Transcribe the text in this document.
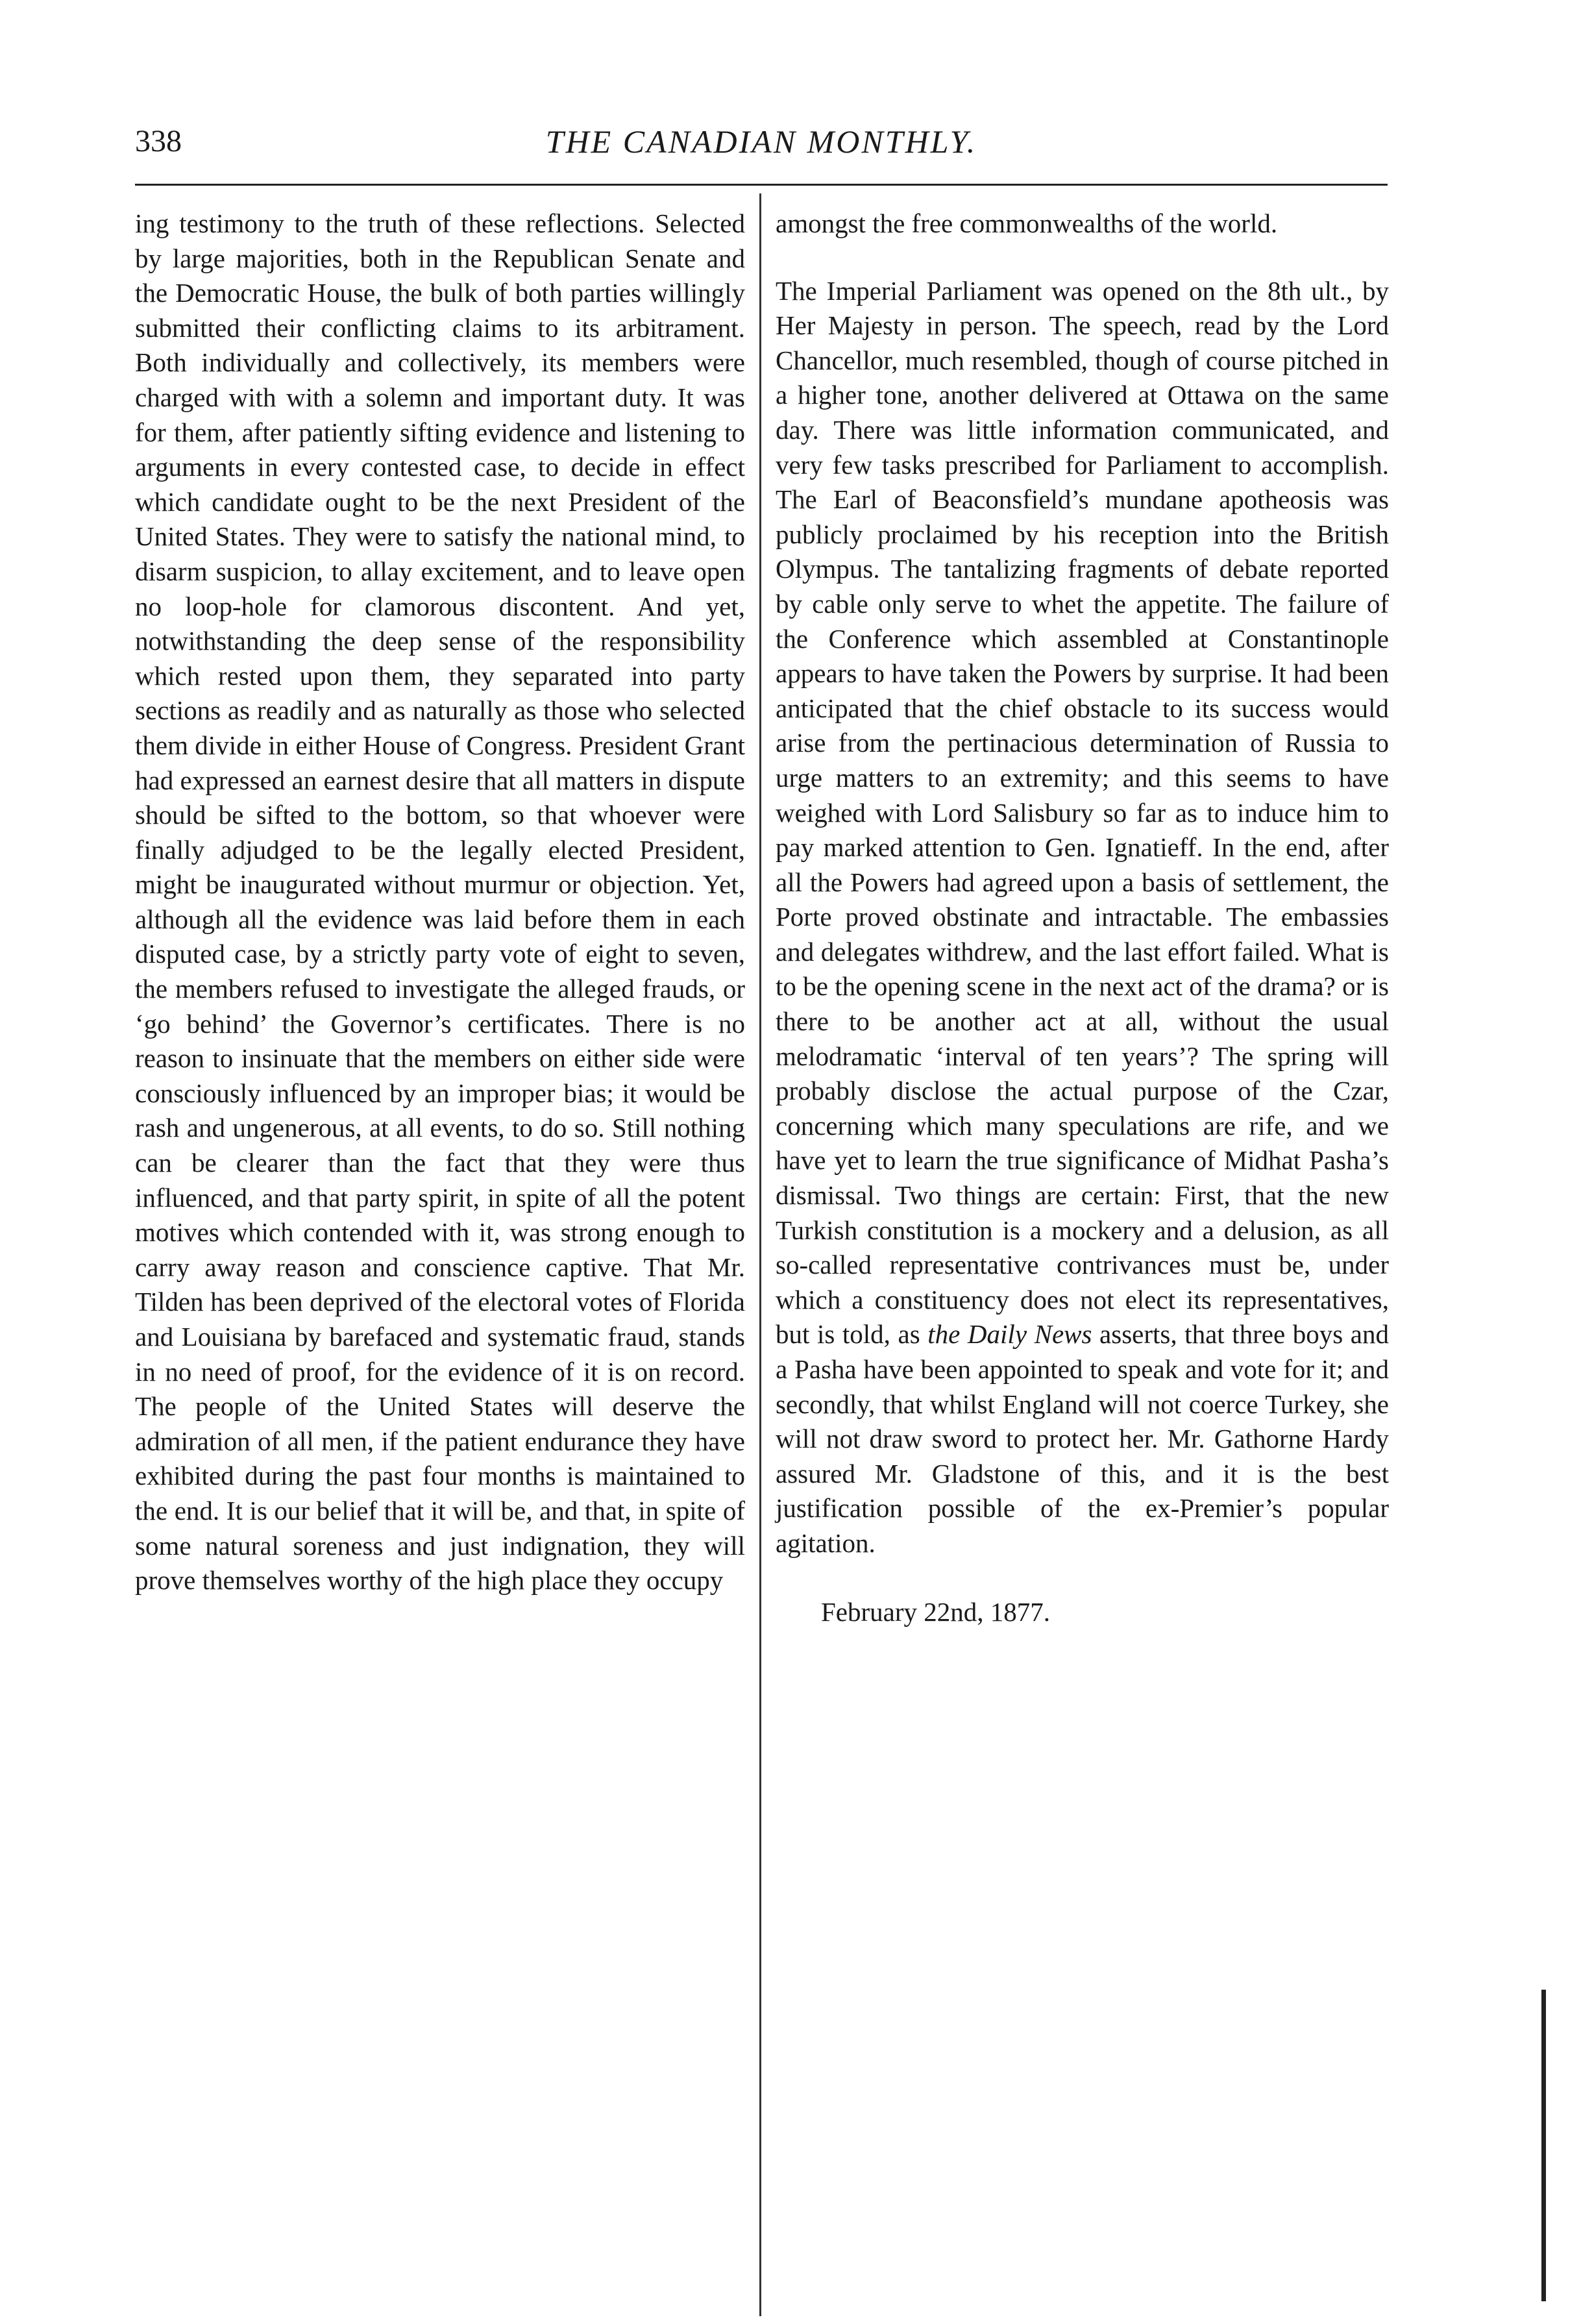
338	THE CANADIAN MONTHLY.

ing testimony to the truth of these reflections. Selected by large majorities, both in the Republican Senate and the Democratic House, the bulk of both parties willingly submitted their conflicting claims to its arbitrament. Both individually and collectively, its members were charged with with a solemn and important duty. It was for them, after patiently sifting evidence and listening to arguments in every contested case, to decide in effect which candidate ought to be the next President of the United States. They were to satisfy the national mind, to disarm suspicion, to allay excitement, and to leave open no loop-hole for clamorous discontent. And yet, notwithstanding the deep sense of the responsibility which rested upon them, they separated into party sections as readily and as naturally as those who selected them divide in either House of Congress. President Grant had expressed an earnest desire that all matters in dispute should be sifted to the bottom, so that whoever were finally adjudged to be the legally elected President, might be inaugurated without murmur or objection. Yet, although all the evidence was laid before them in each disputed case, by a strictly party vote of eight to seven, the members refused to investigate the alleged frauds, or ‘go behind’ the Governor’s certificates. There is no reason to insinuate that the members on either side were consciously influenced by an improper bias; it would be rash and ungenerous, at all events, to do so. Still nothing can be clearer than the fact that they were thus influenced, and that party spirit, in spite of all the potent motives which contended with it, was strong enough to carry away reason and conscience captive. That Mr. Tilden has been deprived of the electoral votes of Florida and Louisiana by barefaced and systematic fraud, stands in no need of proof, for the evidence of it is on record. The people of the United States will deserve the admiration of all men, if the patient endurance they have exhibited during the past four months is maintained to the end. It is our belief that it will be, and that, in spite of some natural soreness and just indignation, they will prove themselves worthy of the high place they occupy

amongst the free commonwealths of the world.

The Imperial Parliament was opened on the 8th ult., by Her Majesty in person. The speech, read by the Lord Chancellor, much resembled, though of course pitched in a higher tone, another delivered at Ottawa on the same day. There was little information communicated, and very few tasks prescribed for Parliament to accomplish. The Earl of Beaconsfield’s mundane apotheosis was publicly proclaimed by his reception into the British Olympus. The tantalizing fragments of debate reported by cable only serve to whet the appetite. The failure of the Conference which assembled at Constantinople appears to have taken the Powers by surprise. It had been anticipated that the chief obstacle to its success would arise from the pertinacious determination of Russia to urge matters to an extremity; and this seems to have weighed with Lord Salisbury so far as to induce him to pay marked attention to Gen. Ignatieff. In the end, after all the Powers had agreed upon a basis of settlement, the Porte proved obstinate and intractable. The embassies and delegates withdrew, and the last effort failed. What is to be the opening scene in the next act of the drama? or is there to be another act at all, without the usual melodramatic ‘interval of ten years’? The spring will probably disclose the actual purpose of the Czar, concerning which many speculations are rife, and we have yet to learn the true significance of Midhat Pasha’s dismissal. Two things are certain: First, that the new Turkish constitution is a mockery and a delusion, as all so-called representative contrivances must be, under which a constituency does not elect its representatives, but is told, as the Daily News asserts, that three boys and a Pasha have been appointed to speak and vote for it; and secondly, that whilst England will not coerce Turkey, she will not draw sword to protect her. Mr. Gathorne Hardy assured Mr. Gladstone of this, and it is the best justification possible of the ex-Premier’s popular agitation.

February 22nd, 1877.
